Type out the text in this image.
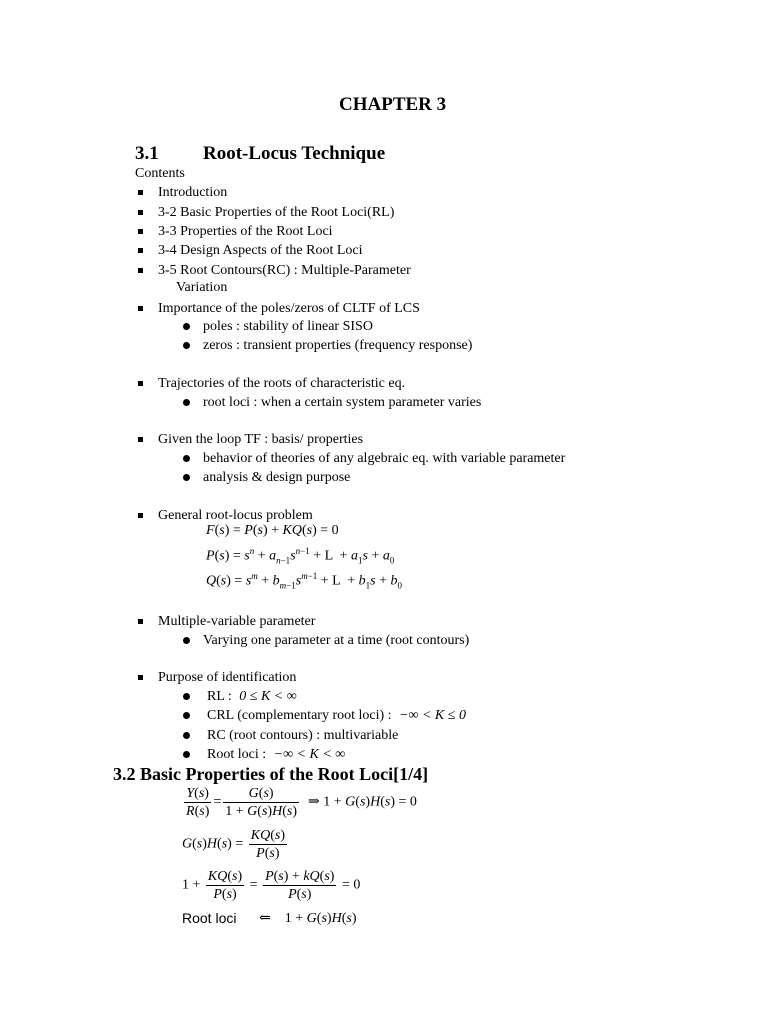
CHAPTER 3
3.1 Root-Locus Technique
Contents
Introduction
3-2 Basic Properties of the Root Loci(RL)
3-3 Properties of the Root Loci
3-4 Design Aspects of the Root Loci
3-5 Root Contours(RC) : Multiple-Parameter
Variation
Importance of the poles/zeros of CLTF of LCS
poles : stability of linear SISO
zeros : transient properties (frequency response)
Trajectories of the roots of characteristic eq.
root loci : when a certain system parameter varies
Given the loop TF : basis/ properties
behavior of theories of any algebraic eq. with variable parameter
analysis & design purpose
General root-locus problem
F(s) = P(s) + KQ(s) = 0
$P(s) = s^n + a_{n-1}s^{n-1} + L + a_1s + a_0$
$Q(s) = s^m + b_{m-1}s^{m-1} + L + b_1s + b_0$
Multiple-variable parameter
Varying one parameter at a time (root contours)
Purpose of identification
RL : 0 ≤ K < ∞
CRL (complementary root loci) : −∞ < K ≤ 0
RC (root contours) : multivariable
Root loci : −∞ < K < ∞
3.2 Basic Properties of the Root Loci[1/4]
$\frac{Y(s)}{R(s)} = \frac{G(s)}{1 + G(s)H(s)}$ ⇒ 1 + G(s)H(s) = 0
$G(s)H(s) = \frac{KQ(s)}{P(s)}$
$1 + \frac{KQ(s)}{P(s)} = \frac{P(s) + kQ(s)}{P(s)} = 0$
Root loci ⇐    1 + G(s)H(s)
